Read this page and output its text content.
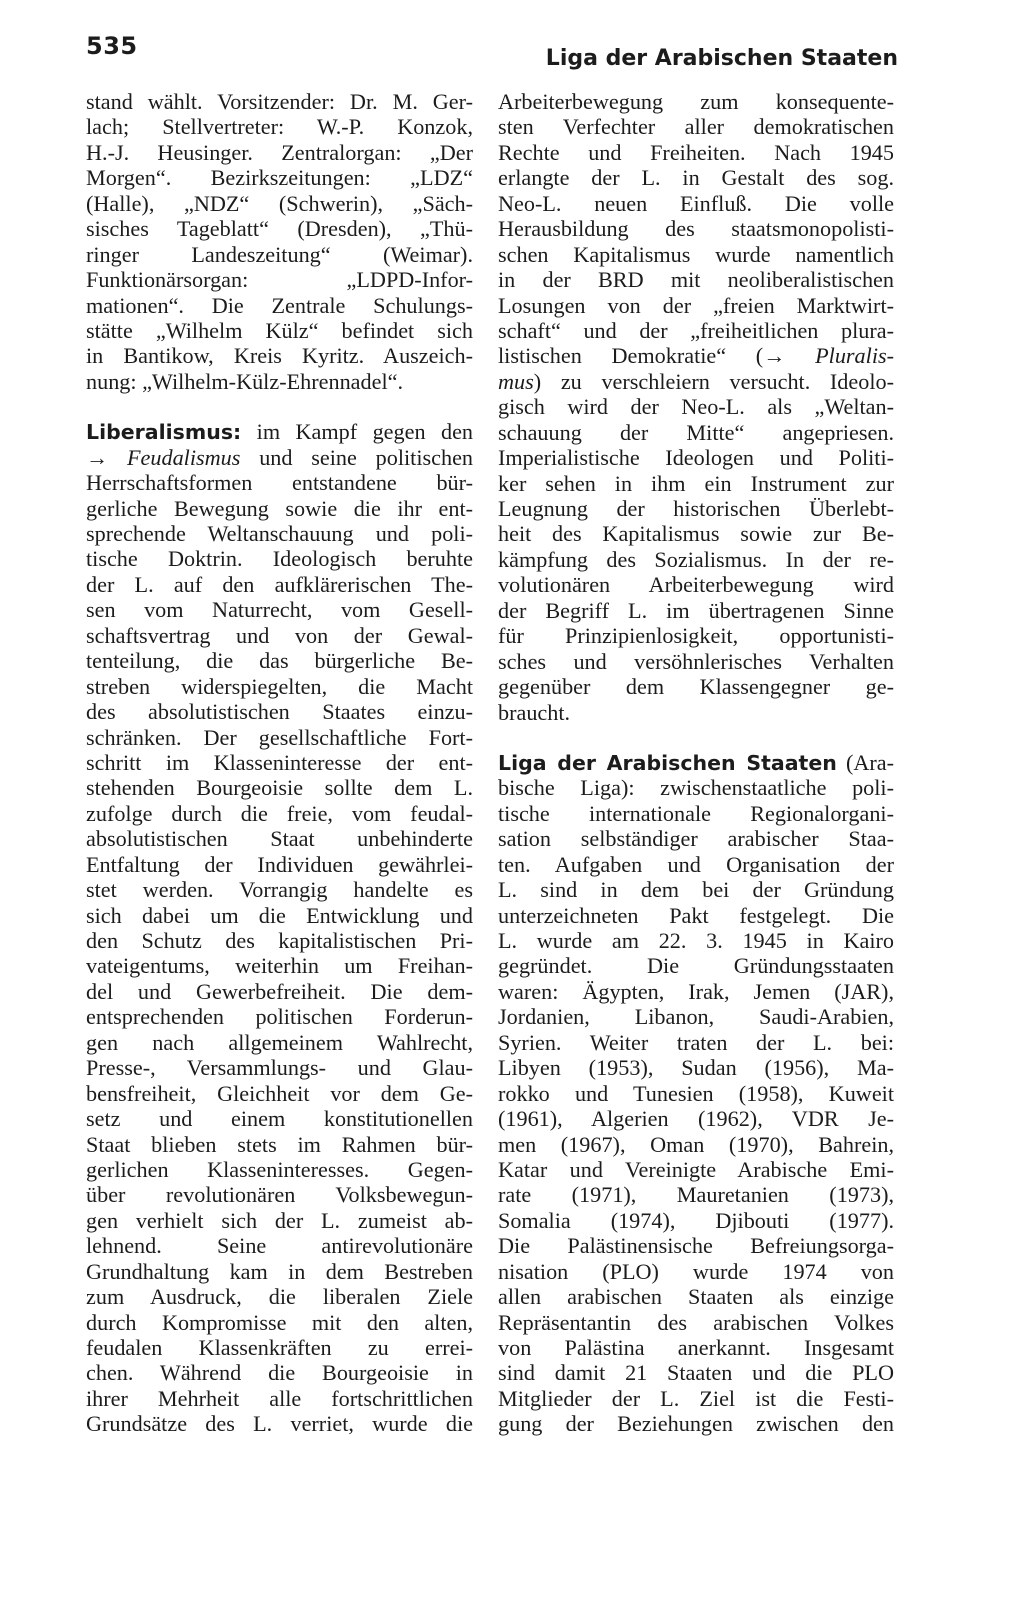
535	Liga der Arabischen Staaten
stand wählt. Vorsitzender: Dr. M. Ger-
lach; Stellvertreter: W.-P. Konzok,
H.-J. Heusinger. Zentralorgan: „Der
Morgen“. Bezirkszeitungen: „LDZ“
(Halle), „NDZ“ (Schwerin), „Säch-
sisches Tageblatt“ (Dresden), „Thü-
ringer Landeszeitung“ (Weimar).
Funktionärsorgan: „LDPD-Infor-
mationen“. Die Zentrale Schulungs-
stätte „Wilhelm Külz“ befindet sich
in Bantikow, Kreis Kyritz. Auszeich-
nung: „Wilhelm-Külz-Ehrennadel“.
Liberalismus: im Kampf gegen den
→ Feudalismus und seine politischen
Herrschaftsformen entstandene bür-
gerliche Bewegung sowie die ihr ent-
sprechende Weltanschauung und poli-
tische Doktrin. Ideologisch beruhte
der L. auf den aufklärerischen The-
sen vom Naturrecht, vom Gesell-
schaftsvertrag und von der Gewal-
tenteilung, die das bürgerliche Be-
streben widerspiegelten, die Macht
des absolutistischen Staates einzu-
schränken. Der gesellschaftliche Fort-
schritt im Klasseninteresse der ent-
stehenden Bourgeoisie sollte dem L.
zufolge durch die freie, vom feudal-
absolutistischen Staat unbehinderte
Entfaltung der Individuen gewährlei-
stet werden. Vorrangig handelte es
sich dabei um die Entwicklung und
den Schutz des kapitalistischen Pri-
vateigentums, weiterhin um Freihan-
del und Gewerbefreiheit. Die dem-
entsprechenden politischen Forderun-
gen nach allgemeinem Wahlrecht,
Presse-, Versammlungs- und Glau-
bensfreiheit, Gleichheit vor dem Ge-
setz und einem konstitutionellen
Staat blieben stets im Rahmen bür-
gerlichen Klasseninteresses. Gegen-
über revolutionären Volksbewegun-
gen verhielt sich der L. zumeist ab-
lehnend. Seine antirevolutionäre
Grundhaltung kam in dem Bestreben
zum Ausdruck, die liberalen Ziele
durch Kompromisse mit den alten,
feudalen Klassenkräften zu errei-
chen. Während die Bourgeoisie in
ihrer Mehrheit alle fortschrittlichen
Grundsätze des L. verriet, wurde die
Arbeiterbewegung zum konsequente-
sten Verfechter aller demokratischen
Rechte und Freiheiten. Nach 1945
erlangte der L. in Gestalt des sog.
Neo-L. neuen Einfluß. Die volle
Herausbildung des staatsmonopolisti-
schen Kapitalismus wurde namentlich
in der BRD mit neoliberalistischen
Losungen von der „freien Marktwirt-
schaft“ und der „freiheitlichen plura-
listischen Demokratie“ (→ Pluralis-
mus) zu verschleiern versucht. Ideolo-
gisch wird der Neo-L. als „Weltan-
schauung der Mitte“ angepriesen.
Imperialistische Ideologen und Politi-
ker sehen in ihm ein Instrument zur
Leugnung der historischen Überlebt-
heit des Kapitalismus sowie zur Be-
kämpfung des Sozialismus. In der re-
volutionären Arbeiterbewegung wird
der Begriff L. im übertragenen Sinne
für Prinzipienlosigkeit, opportunisti-
sches und versöhnlerisches Verhalten
gegenüber dem Klassengegner ge-
braucht.
Liga der Arabischen Staaten (Ara-
bische Liga): zwischenstaatliche poli-
tische internationale Regionalorgani-
sation selbständiger arabischer Staa-
ten. Aufgaben und Organisation der
L. sind in dem bei der Gründung
unterzeichneten Pakt festgelegt. Die
L. wurde am 22. 3. 1945 in Kairo
gegründet. Die Gründungsstaaten
waren: Ägypten, Irak, Jemen (JAR),
Jordanien, Libanon, Saudi-Arabien,
Syrien. Weiter traten der L. bei:
Libyen (1953), Sudan (1956), Ma-
rokko und Tunesien (1958), Kuweit
(1961), Algerien (1962), VDR Je-
men (1967), Oman (1970), Bahrein,
Katar und Vereinigte Arabische Emi-
rate (1971), Mauretanien (1973),
Somalia (1974), Djibouti (1977).
Die Palästinensische Befreiungsorga-
nisation (PLO) wurde 1974 von
allen arabischen Staaten als einzige
Repräsentantin des arabischen Volkes
von Palästina anerkannt. Insgesamt
sind damit 21 Staaten und die PLO
Mitglieder der L. Ziel ist die Festi-
gung der Beziehungen zwischen den
